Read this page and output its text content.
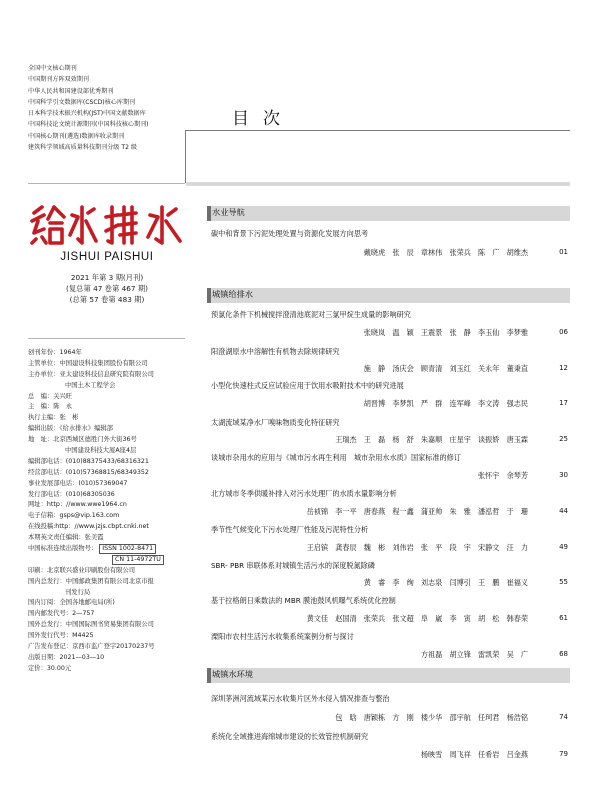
全国中文核心期刊
中国期刊方阵双效期刊
中华人民共和国建设部优秀期刊
中国科学引文数据库(CSCD)核心库期刊
日本科学技术振兴机构(JST)中国文献数据库
中国科技论文统计源期刊(中国科技核心期刊)
中国核心期刊(遴选)数据库收录期刊
建筑科学领域高质量科技期刊分级 T2 级
JISHUI PAISHUI
2021 年第 3 期(月刊)
(复总第 47 卷第 467 期)
(总第 57 卷第 483 期)
创刊年份：1964年
主管单位：中国建设科技集团股份有限公司
主办单位：亚太建设科技信息研究院有限公司
中国土木工程学会
总　编：关兴旺
主　编：陈　永
执行主编：张　彬
编辑出版：《给水排水》编辑部
地　址：北京西城区德胜门外大街36号
中国建设科技大厦A座4层
编辑部电话：(010)88375433/68316321
经营部电话：(010)57368815/68349352
事业发展部电话：(010)57369047
发行部电话：(010)68305036
网址：http：//www.wwe1964.cn
电子信箱：gsps@vip.163.com
在线投稿:http：//www.jzjs.cbpt.cnki.net
本期英文责任编辑：张美霞
中国标准连续出版物号： ISSN 1002-8471
CN 11-4972TU
印刷：北京联兴盛业印刷股份有限公司
国内总发行：中国邮政集团有限公司北京市报
刊发行局
国内订阅：全国各地邮电局(所)
国内邮发代号：2—757
国外总发行：中国国际图书贸易集团有限公司
国外发行代号：M4425
广告发布登记：京西市监广登字20170237号
出版日期：2021—03—10
定价：30.00元
目次
水业导航
碳中和背景下污泥处理处置与资源化发展方向思考
戴晓虎　张　辰　章林伟　张荣兵　陈　广　胡维杰	01
城镇给排水
预氯化条件下机械搅拌澄清池底泥对三氯甲烷生成量的影响研究
张晓岚　温　颖　王震景　张　静　李玉仙　李梦雅	06
阳澄湖原水中溶解性有机物去除规律研究
施　静　汤庆会　顾青清　刘玉红　关永年　董秉直	12
小型化快速柱式反应试验应用于饮用水吸附技术中的研究进展
胡晋博　李梦凯　严　群　连军峰　李文涛　强志民	17
太湖流域某净水厂嗅味物质变化特征研究
王瑞杰　王　磊　杨　舒　朱嘉顺　庄星宇　谈振娇　唐玉霖	25
谈城市杂用水的应用与《城市污水再生利用　城市杂用水水质》国家标准的修订
张怀宇　余琴芳	30
北方城市冬季供暖补排入对污水处理厂的水质水量影响分析
岳祯锦　李一平　唐春燕　程一鑫　蒲亚帅　朱　雅　潘泓哲　于　珊	44
季节性气候变化下污水处理厂性能及污泥特性分析
王启镔　龚春辰　魏　彬　刘伟岩　张　平　段　宇　宋静文　汪　力	49
SBR- PBR 串联体系对城镇生活污水的深度脱氮除磷
黄　睿　李　绚　刘志泉　闫博引　王　鹏　崔福义	55
基于拉格朗日乘数法的 MBR 膜池鼓风机曝气系统优化控制
黄文佳　赵国清　张荣兵　张文超　阜　崴　李　寅　胡　松　韩春荣	61
溧阳市农村生活污水收集系统案例分析与探讨
方祖磊　胡立锋　雷凯荣　吴　广	68
城镇水环境
深圳茅洲河流域某污水收集片区外水侵入情况排查与整治
包　晗　唐颖栋　方　刚　楼少华　邵宇航　任珂君　杨浩铭	74
系统化全域推进海绵城市建设的长效管控机制研究
杨映雪　周飞祥　任希岩　吕金燕	79
